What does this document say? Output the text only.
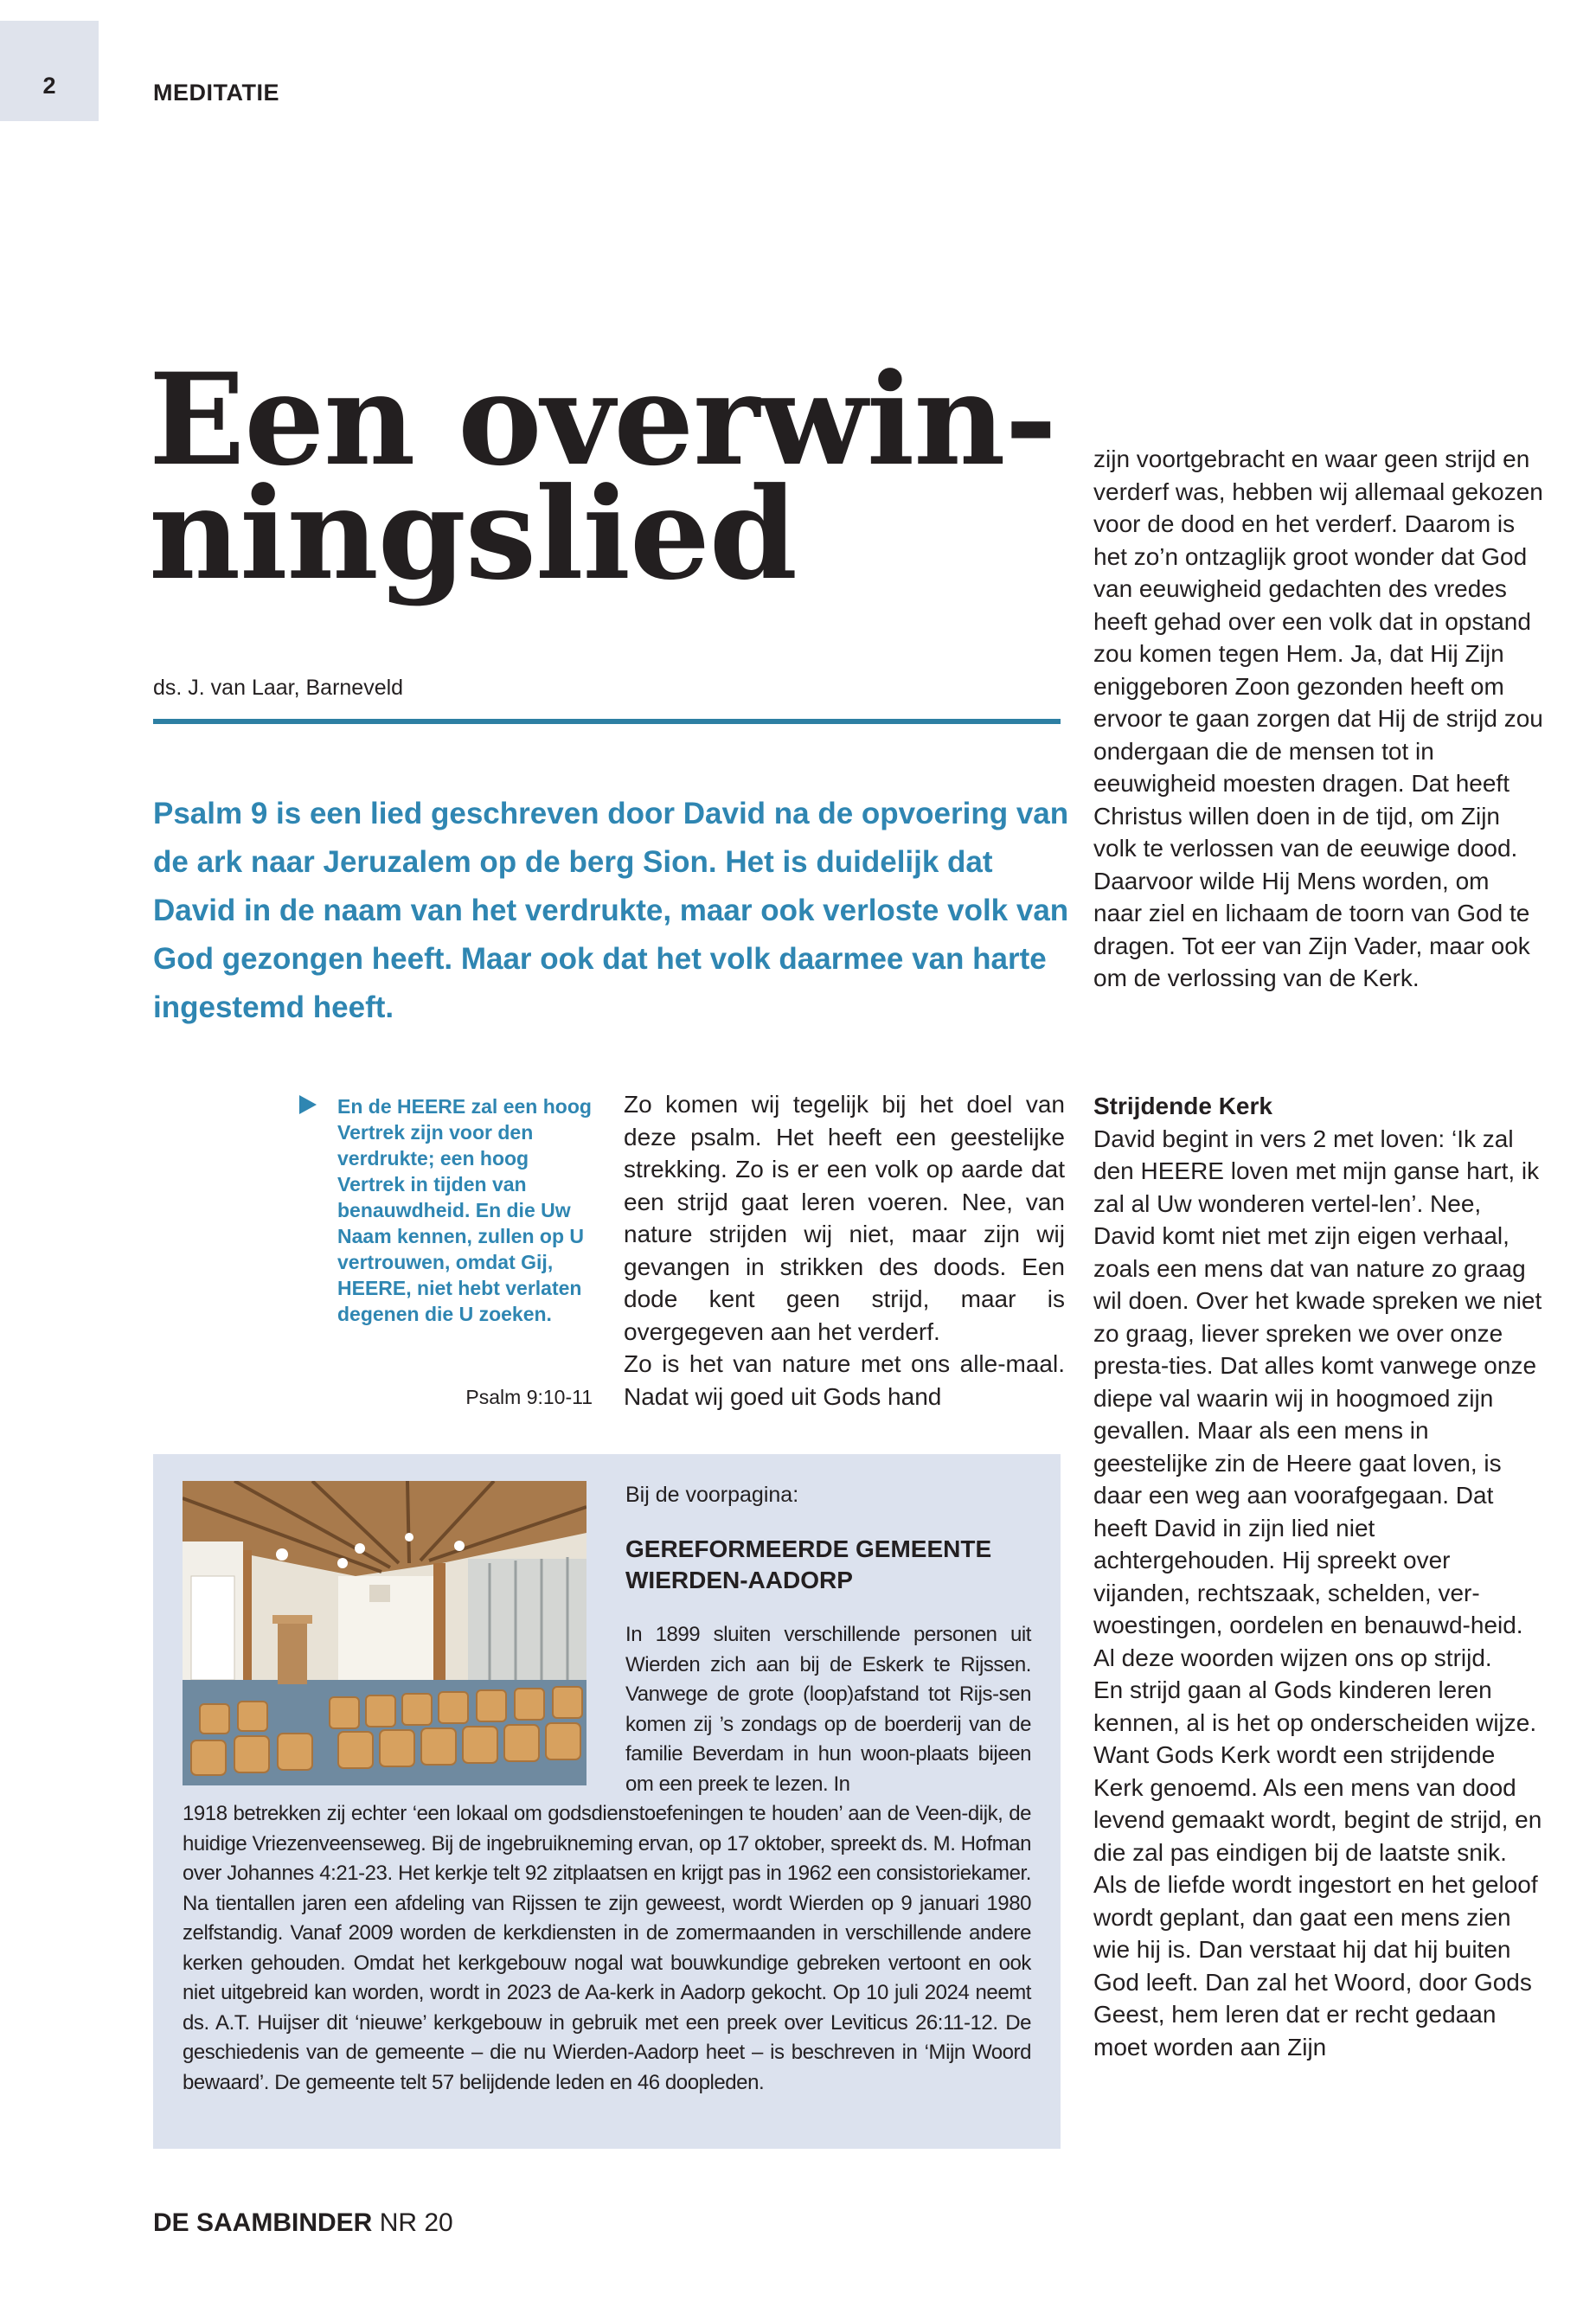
2	MEDITATIE
Een overwin-
ningslied
ds. J. van Laar, Barneveld
Psalm 9 is een lied geschreven door David na de opvoering van de ark naar Jeruzalem op de berg Sion. Het is duidelijk dat David in de naam van het verdrukte, maar ook verloste volk van God gezongen heeft. Maar ook dat het volk daarmee van harte ingestemd heeft.

zijn voortgebracht en waar geen strijd en verderf was, hebben wij allemaal gekozen voor de dood en het verderf. Daarom is het zo’n ontzaglijk groot wonder dat God van eeuwigheid gedachten des vredes heeft gehad over een volk dat in opstand zou komen tegen Hem. Ja, dat Hij Zijn eniggeboren Zoon gezonden heeft om ervoor te gaan zorgen dat Hij de strijd zou ondergaan die de mensen tot in eeuwigheid moesten dragen. Dat heeft Christus willen doen in de tijd, om Zijn volk te verlossen van de eeuwige dood. Daarvoor wilde Hij Mens worden, om naar ziel en lichaam de toorn van God te dragen. Tot eer van Zijn Vader, maar ook om de verlossing van de Kerk.

En de HEERE zal een hoog Vertrek zijn voor den verdrukte; een hoog Vertrek in tijden van benauwdheid. En die Uw Naam kennen, zullen op U vertrouwen, omdat Gij, HEERE, niet hebt verlaten degenen die U zoeken.
Psalm 9:10-11

Zo komen wij tegelijk bij het doel van deze psalm. Het heeft een geestelijke strekking. Zo is er een volk op aarde dat een strijd gaat leren voeren. Nee, van nature strijden wij niet, maar zijn wij gevangen in strikken des doods. Een dode kent geen strijd, maar is overgegeven aan het verderf.

Zo is het van nature met ons alle-maal. Nadat wij goed uit Gods hand

Strijdende Kerk

David begint in vers 2 met loven: ‘Ik zal den HEERE loven met mijn ganse hart, ik zal al Uw wonderen vertel-len’. Nee, David komt niet met zijn eigen verhaal, zoals een mens dat van nature zo graag wil doen. Over het kwade spreken we niet zo graag, liever spreken we over onze presta-ties. Dat alles komt vanwege onze diepe val waarin wij in hoogmoed zijn gevallen. Maar als een mens in geestelijke zin de Heere gaat loven, is daar een weg aan voorafgegaan. Dat heeft David in zijn lied niet achtergehouden. Hij spreekt over vijanden, rechtszaak, schelden, ver-woestingen, oordelen en benauwd-heid. Al deze woorden wijzen ons op strijd.

En strijd gaan al Gods kinderen leren kennen, al is het op onderscheiden wijze. Want Gods Kerk wordt een strijdende Kerk genoemd. Als een mens van dood levend gemaakt wordt, begint de strijd, en die zal pas eindigen bij de laatste snik. Als de liefde wordt ingestort en het geloof wordt geplant, dan gaat een mens zien wie hij is. Dan verstaat hij dat hij buiten God leeft. Dan zal het Woord, door Gods Geest, hem leren dat er recht gedaan moet worden aan Zijn

Bij de voorpagina:
GEREFORMEERDE GEMEENTE WIERDEN-AADORP
In 1899 sluiten verschillende personen uit Wierden zich aan bij de Eskerk te Rijssen. Vanwege de grote (loop)afstand tot Rijs-sen komen zij ’s zondags op de boerderij van de familie Beverdam in hun woon-plaats bijeen om een preek te lezen. In
1918 betrekken zij echter ‘een lokaal om godsdienstoefeningen te houden’ aan de Veen-dijk, de huidige Vriezenveenseweg. Bij de ingebruikneming ervan, op 17 oktober, spreekt ds. M. Hofman over Johannes 4:21-23. Het kerkje telt 92 zitplaatsen en krijgt pas in 1962 een consistoriekamer. Na tientallen jaren een afdeling van Rijssen te zijn geweest, wordt Wierden op 9 januari 1980 zelfstandig. Vanaf 2009 worden de kerkdiensten in de zomermaanden in verschillende andere kerken gehouden. Omdat het kerkgebouw nogal wat bouwkundige gebreken vertoont en ook niet uitgebreid kan worden, wordt in 2023 de Aa-kerk in Aadorp gekocht. Op 10 juli 2024 neemt ds. A.T. Huijser dit ‘nieuwe’ kerkgebouw in gebruik met een preek over Leviticus 26:11-12. De geschiedenis van de gemeente – die nu Wierden-Aadorp heet – is beschreven in ‘Mijn Woord bewaard’. De gemeente telt 57 belijdende leden en 46 doopleden.
DE SAAMBINDER NR 20
